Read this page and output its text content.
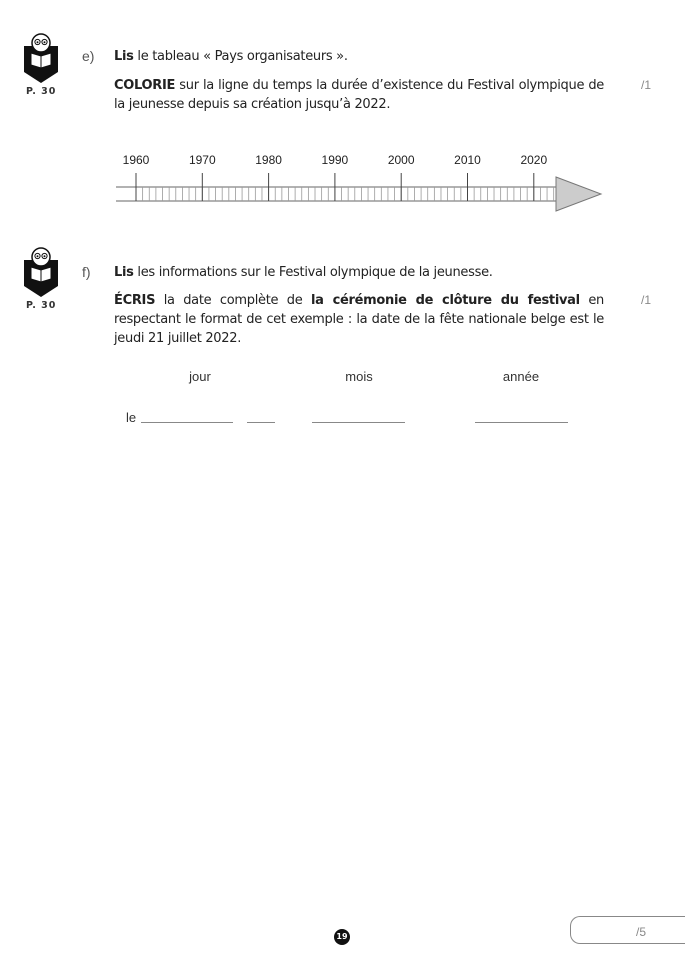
P. 30
e) Lis le tableau « Pays organisateurs ».
COLORIE sur la ligne du temps la durée d’existence du Festival olympique de la jeunesse depuis sa création jusqu’à 2022.
/1
1960	1970	1980	1990	2000	2010	2020
P. 30
f) Lis les informations sur le Festival olympique de la jeunesse.
ÉCRIS la date complète de la cérémonie de clôture du festival en respectant le format de cet exemple : la date de la fête nationale belge est le jeudi 21 juillet 2022.
/1
jour	mois	année
le
19	/5
